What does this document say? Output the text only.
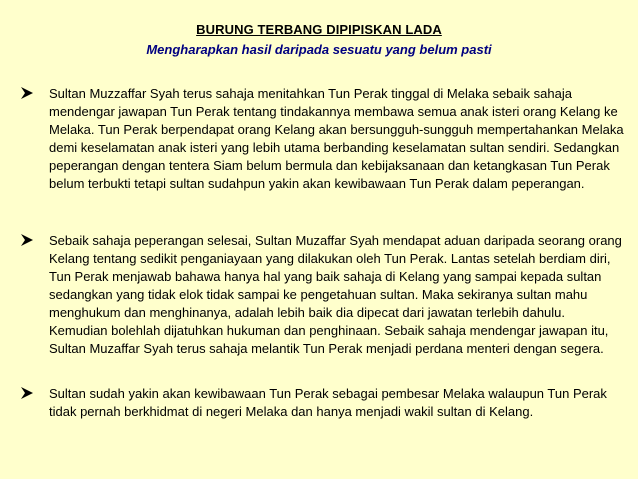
BURUNG TERBANG DIPIPISKAN LADA
Mengharapkan hasil daripada sesuatu yang belum pasti
Sultan Muzzaffar Syah terus sahaja menitahkan Tun Perak tinggal di Melaka sebaik sahaja mendengar jawapan Tun Perak tentang tindakannya membawa semua anak isteri orang Kelang ke Melaka. Tun Perak berpendapat orang Kelang akan bersungguh-sungguh mempertahankan Melaka demi keselamatan anak isteri yang lebih utama berbanding keselamatan sultan sendiri. Sedangkan peperangan dengan tentera Siam belum bermula dan kebijaksanaan dan ketangkasan Tun Perak belum terbukti tetapi sultan sudahpun yakin akan kewibawaan Tun Perak dalam peperangan.
Sebaik sahaja peperangan selesai, Sultan Muzaffar Syah mendapat aduan daripada seorang orang Kelang tentang sedikit penganiayaan yang dilakukan oleh Tun Perak. Lantas setelah berdiam diri, Tun Perak menjawab bahawa hanya hal yang baik sahaja di Kelang yang sampai kepada sultan sedangkan yang tidak elok tidak sampai ke pengetahuan sultan. Maka sekiranya sultan mahu menghukum dan menghinanya, adalah lebih baik dia dipecat dari jawatan terlebih dahulu. Kemudian bolehlah dijatuhkan hukuman dan penghinaan. Sebaik sahaja mendengar jawapan itu, Sultan Muzaffar Syah terus sahaja melantik Tun Perak menjadi perdana menteri dengan segera.
Sultan sudah yakin akan kewibawaan Tun Perak sebagai pembesar Melaka walaupun Tun Perak tidak pernah berkhidmat di negeri Melaka dan hanya menjadi wakil sultan di Kelang.
